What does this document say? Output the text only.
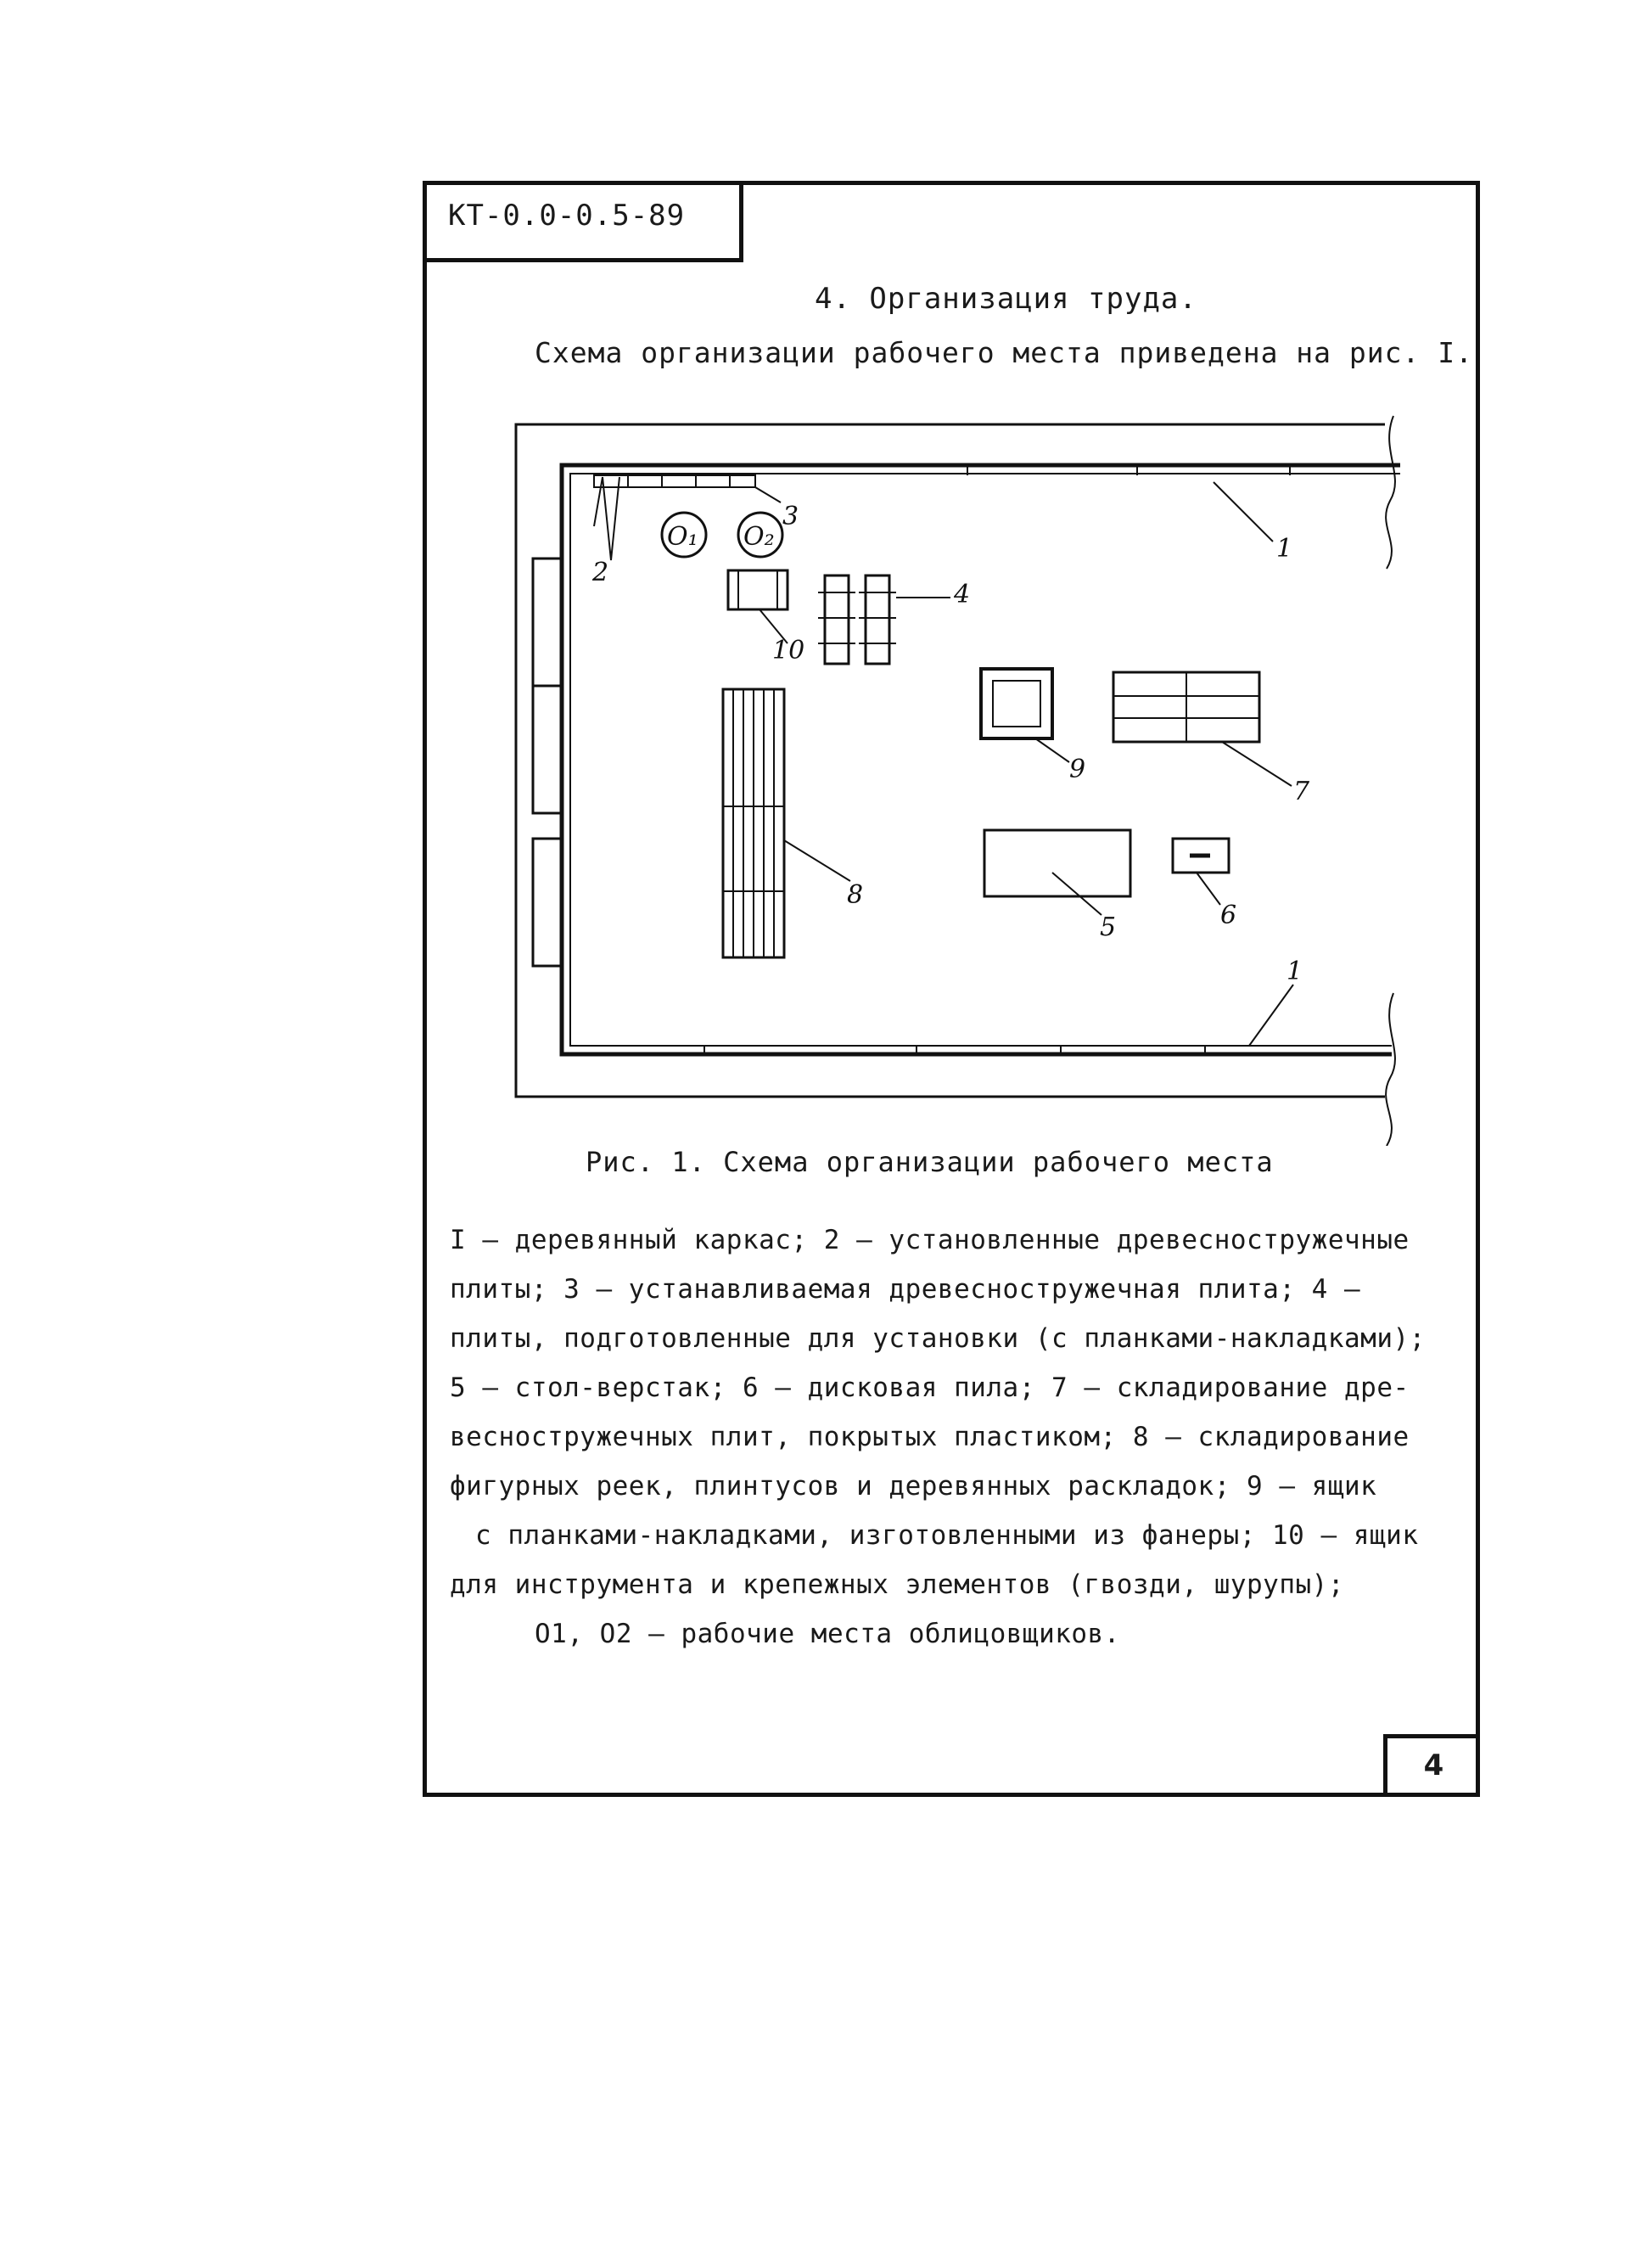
КТ-0.0-0.5-89
4
4. Организация труда.
Схема организации рабочего места приведена на рис. I.
O₁ O₂	1
1
2
3
4
5	6
7
8
9
10
Рис. 1. Схема организации рабочего места

I – деревянный каркас; 2 – установленные древесностружечные

плиты; 3 – устанавливаемая древесностружечная плита; 4 –

плиты, подготовленные для установки (с планками-накладками);

5 – стол-верстак; 6 – дисковая пила; 7 – складирование дре-

весностружечных плит, покрытых пластиком; 8 – складирование

фигурных реек, плинтусов и деревянных раскладок; 9 – ящик

с планками-накладками, изготовленными из фанеры; 10 – ящик

для инструмента и крепежных элементов (гвозди, шурупы);

О1, О2 – рабочие места облицовщиков.
